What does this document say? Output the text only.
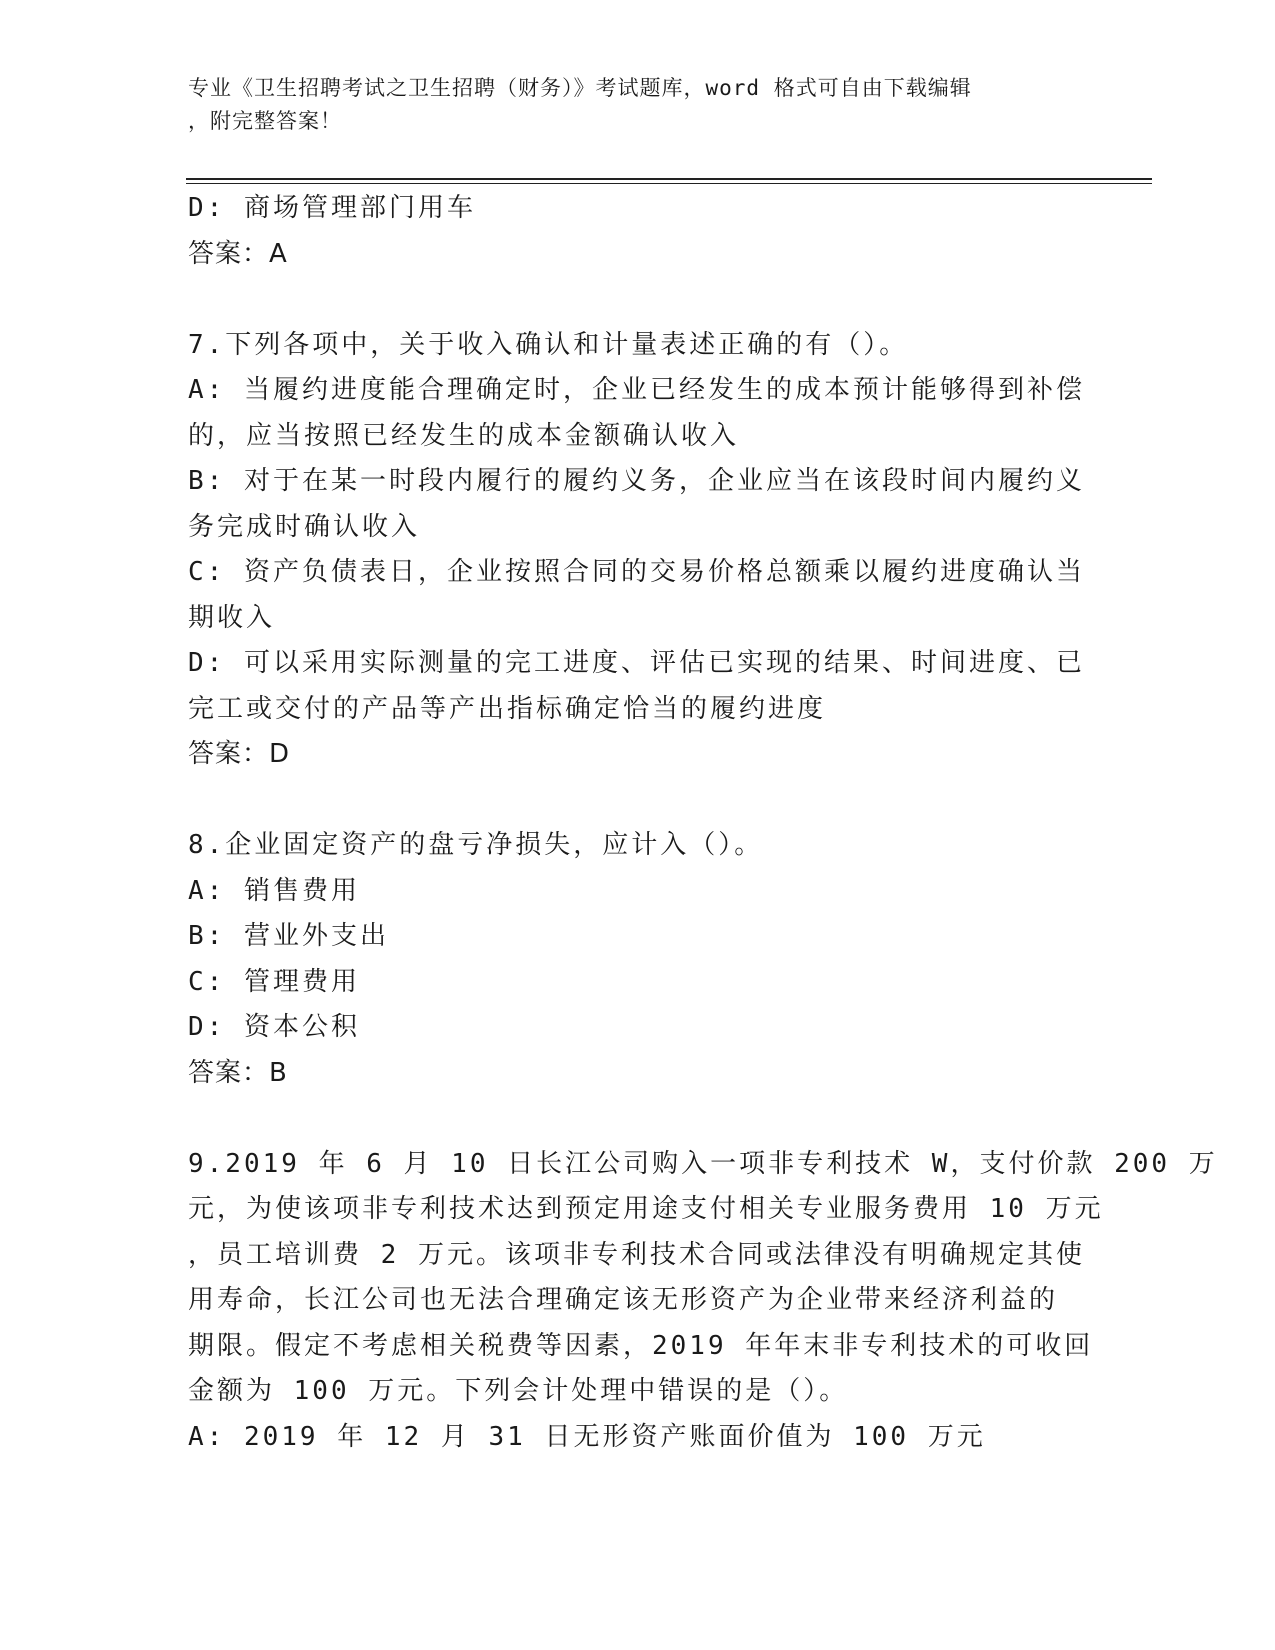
专业《卫生招聘考试之卫生招聘（财务）》考试题库，word 格式可自由下载编辑
，附完整答案！
D: 商场管理部门用车
答案：A
7.下列各项中，关于收入确认和计量表述正确的有（）。
A: 当履约进度能合理确定时，企业已经发生的成本预计能够得到补偿
的，应当按照已经发生的成本金额确认收入
B: 对于在某一时段内履行的履约义务，企业应当在该段时间内履约义
务完成时确认收入
C: 资产负债表日，企业按照合同的交易价格总额乘以履约进度确认当
期收入
D: 可以采用实际测量的完工进度、评估已实现的结果、时间进度、已
完工或交付的产品等产出指标确定恰当的履约进度
答案：D
8.企业固定资产的盘亏净损失，应计入（）。
A: 销售费用
B: 营业外支出
C: 管理费用
D: 资本公积
答案：B
9.2019 年 6 月 10 日长江公司购入一项非专利技术 W，支付价款 200 万
元，为使该项非专利技术达到预定用途支付相关专业服务费用 10 万元
，员工培训费 2 万元。该项非专利技术合同或法律没有明确规定其使
用寿命，长江公司也无法合理确定该无形资产为企业带来经济利益的
期限。假定不考虑相关税费等因素，2019 年年末非专利技术的可收回
金额为 100 万元。下列会计处理中错误的是（）。
A: 2019 年 12 月 31 日无形资产账面价值为 100 万元
